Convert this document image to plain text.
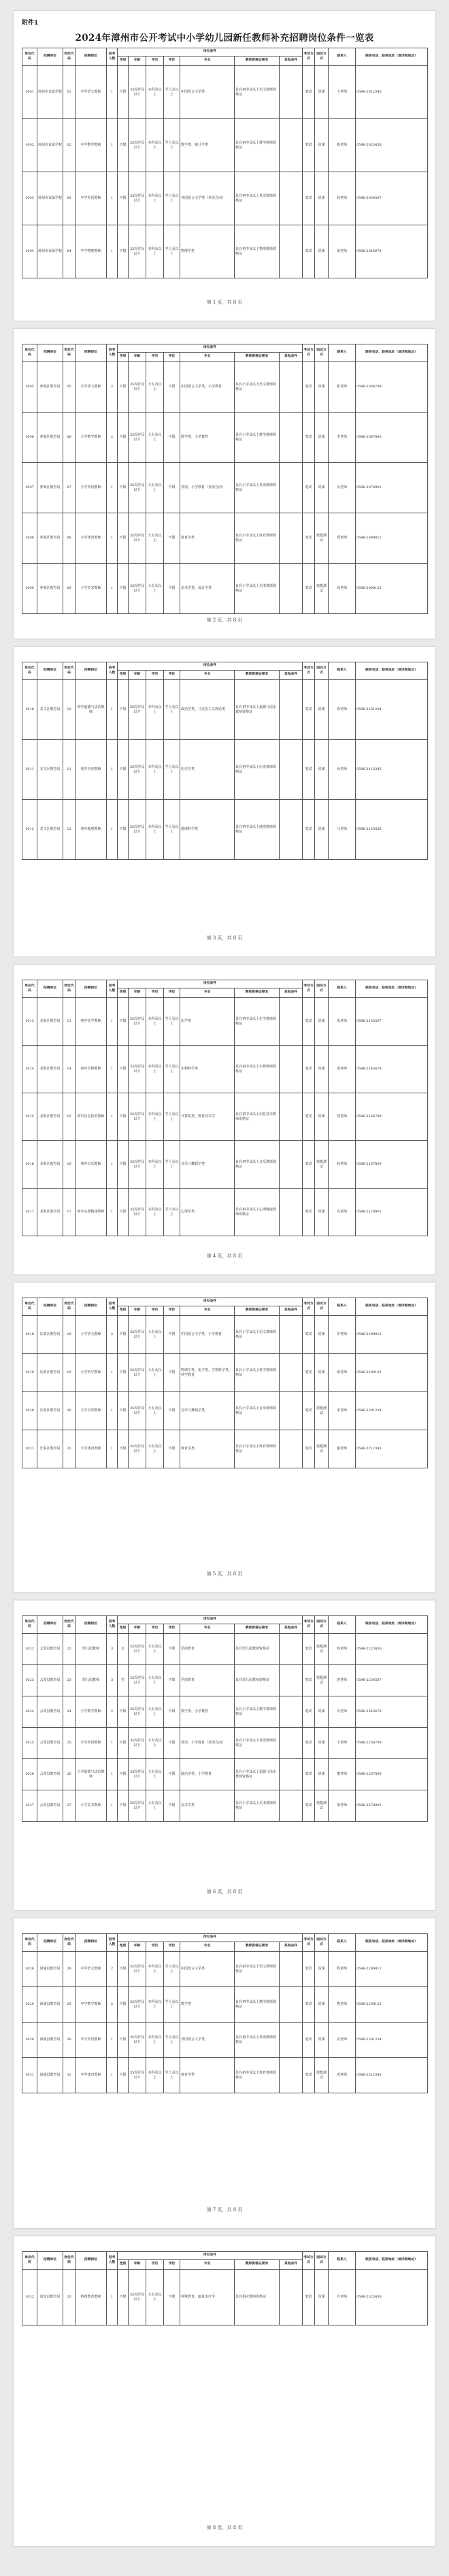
附件1
2024年漳州市公开考试中小学幼儿园新任教师补充招聘岗位条件一览表
单位代码	招聘单位	岗位代码	招聘岗位	招考人数	岗位条件							考试方式	面试方式	联系人	联系电话、联系地址（或详细地址）
					性别	年龄	学历	学位	专业	教师资格证要求	其他条件				
1001	漳州市直属学校	01	中学语文教师	1	不限	35周岁及以下	本科及以上	学士及以上	中国语言文学类	具有初中及以上语文教师资格证		笔试	说课	王老师	0596-2012345
1002	漳州市直属学校	02	中学数学教师	1	不限	35周岁及以下	本科及以上	学士及以上	数学类、统计学类	具有初中及以上数学教师资格证		笔试	说课	陈老师	0596-2023456
1003	漳州市直属学校	03	中学英语教师	1	不限	35周岁及以下	本科及以上	学士及以上	外国语言文学类（英语方向）	具有初中及以上英语教师资格证		笔试	说课	林老师	0596-2034567
1004	漳州市直属学校	04	中学物理教师	1	不限	35周岁及以下	本科及以上	学士及以上	物理学类	具有初中及以上物理教师资格证		笔试	说课	黄老师	0596-2045678
第 1 页，共 8 页
单位代码	招聘单位	岗位代码	招聘岗位	招考人数	岗位条件							考试方式	面试方式	联系人	联系电话、联系地址（或详细地址）
					性别	年龄	学历	学位	专业	教师资格证要求	其他条件				
1005	芗城区教育局	05	小学语文教师	2	不限	35周岁及以下	大专及以上	不限	中国语言文学类、小学教育	具有小学及以上语文教师资格证		笔试	说课	张老师	0596-2056789
1006	芗城区教育局	06	小学数学教师	2	不限	35周岁及以下	大专及以上	不限	数学类、小学教育	具有小学及以上数学教师资格证		笔试	说课	李老师	0596-2067890
1007	芗城区教育局	07	小学英语教师	1	不限	35周岁及以下	大专及以上	不限	英语、小学教育（英语方向）	具有小学及以上英语教师资格证		笔试	说课	吴老师	0596-2078901
1008	芗城区教育局	08	小学体育教师	1	不限	35周岁及以下	大专及以上	不限	体育学类	具有小学及以上体育教师资格证		笔试	技能测试	郑老师	0596-2089012
1009	芗城区教育局	09	小学美术教师	1	不限	35周岁及以下	大专及以上	不限	美术学类、设计学类	具有小学及以上美术教师资格证		笔试	技能测试	周老师	0596-2090123
第 2 页，共 8 页
单位代码	招聘单位	岗位代码	招聘岗位	招考人数	岗位条件							考试方式	面试方式	联系人	联系电话、联系地址（或详细地址）
					性别	年龄	学历	学位	专业	教师资格证要求	其他条件				
1010	龙文区教育局	10	初中道德与法治教师	1	不限	35周岁及以下	本科及以上	学士及以上	政治学类、马克思主义理论类	具有初中及以上道德与法治教师资格证		笔试	说课	徐老师	0596-2101234
1011	龙文区教育局	11	初中历史教师	1	不限	35周岁及以下	本科及以上	学士及以上	历史学类	具有初中及以上历史教师资格证		笔试	说课	孙老师	0596-2112345
1012	龙文区教育局	12	初中地理教师	1	不限	35周岁及以下	本科及以上	学士及以上	地理科学类	具有初中及以上地理教师资格证		笔试	说课	马老师	0596-2123456
第 3 页，共 8 页
单位代码	招聘单位	岗位代码	招聘岗位	招考人数	岗位条件							考试方式	面试方式	联系人	联系电话、联系地址（或详细地址）
					性别	年龄	学历	学位	专业	教师资格证要求	其他条件				
1013	龙海区教育局	13	初中化学教师	1	不限	35周岁及以下	本科及以上	学士及以上	化学类	具有初中及以上化学教师资格证		笔试	说课	朱老师	0596-2134567
1014	龙海区教育局	14	初中生物教师	1	不限	35周岁及以下	本科及以上	学士及以上	生物科学类	具有初中及以上生物教师资格证		笔试	说课	胡老师	0596-2145678
1015	龙海区教育局	15	初中信息技术教师	1	不限	35周岁及以下	本科及以上	学士及以上	计算机类、教育技术学	具有初中及以上信息技术教师资格证		笔试	说课	郭老师	0596-2156789
1016	龙海区教育局	16	初中音乐教师	1	不限	35周岁及以下	本科及以上	学士及以上	音乐与舞蹈学类	具有初中及以上音乐教师资格证		笔试	技能测试	何老师	0596-2167890
1017	龙海区教育局	17	初中心理健康教师	1	不限	35周岁及以下	本科及以上	学士及以上	心理学类	具有初中及以上心理健康教师资格证		笔试	说课	高老师	0596-2178901
第 4 页，共 8 页
单位代码	招聘单位	岗位代码	招聘岗位	招考人数	岗位条件							考试方式	面试方式	联系人	联系电话、联系地址（或详细地址）
					性别	年龄	学历	学位	专业	教师资格证要求	其他条件				
1018	长泰区教育局	18	小学语文教师	2	不限	35周岁及以下	大专及以上	不限	中国语言文学类、小学教育	具有小学及以上语文教师资格证		笔试	说课	罗老师	0596-2189012
1019	长泰区教育局	19	小学科学教师	1	不限	35周岁及以下	大专及以上	不限	物理学类、化学类、生物科学类、科学教育	具有小学及以上科学教师资格证		笔试	说课	梁老师	0596-2190123
1020	长泰区教育局	20	小学音乐教师	1	不限	35周岁及以下	大专及以上	不限	音乐与舞蹈学类	具有小学及以上音乐教师资格证		笔试	技能测试	宋老师	0596-2201234
1021	长泰区教育局	21	小学体育教师	1	不限	35周岁及以下	大专及以上	不限	体育学类	具有小学及以上体育教师资格证		笔试	技能测试	谢老师	0596-2212345
第 5 页，共 8 页
单位代码	招聘单位	岗位代码	招聘岗位	招考人数	岗位条件							考试方式	面试方式	联系人	联系电话、联系地址（或详细地址）
					性别	年龄	学历	学位	专业	教师资格证要求	其他条件				
1022	云霄县教育局	22	幼儿园教师	3	女	35周岁及以下	大专及以上	不限	学前教育	具有幼儿园教师资格证		笔试	技能测试	韩老师	0596-2223456
1023	云霄县教育局	23	幼儿园教师	3	男	35周岁及以下	大专及以上	不限	学前教育	具有幼儿园教师资格证		笔试	技能测试	唐老师	0596-2234567
1024	云霄县教育局	24	小学数学教师	2	不限	35周岁及以下	大专及以上	不限	数学类、小学教育	具有小学及以上数学教师资格证		笔试	说课	冯老师	0596-2245678
1025	云霄县教育局	25	小学英语教师	1	不限	35周岁及以下	大专及以上	不限	英语、小学教育（英语方向）	具有小学及以上英语教师资格证		笔试	说课	于老师	0596-2256789
1026	云霄县教育局	26	小学道德与法治教师	1	不限	35周岁及以下	大专及以上	不限	政治学类、小学教育	具有小学及以上道德与法治教师资格证		笔试	说课	董老师	0596-2267890
1027	云霄县教育局	27	小学美术教师	1	不限	35周岁及以下	大专及以上	不限	美术学类	具有小学及以上美术教师资格证		笔试	技能测试	萧老师	0596-2278901
第 6 页，共 8 页
单位代码	招聘单位	岗位代码	招聘岗位	招考人数	岗位条件							考试方式	面试方式	联系人	联系电话、联系地址（或详细地址）
					性别	年龄	学历	学位	专业	教师资格证要求	其他条件				
1028	漳浦县教育局	28	中学语文教师	2	不限	35周岁及以下	本科及以上	学士及以上	中国语言文学类	具有初中及以上语文教师资格证		笔试	说课	程老师	0596-2289012
1029	漳浦县教育局	29	中学数学教师	2	不限	35周岁及以下	本科及以上	学士及以上	数学类	具有初中及以上数学教师资格证		笔试	说课	曹老师	0596-2290123
1030	漳浦县教育局	30	中学英语教师	1	不限	35周岁及以下	本科及以上	学士及以上	外国语言文学类	具有初中及以上英语教师资格证		笔试	说课	袁老师	0596-2301234
1031	漳浦县教育局	31	中学体育教师	1	不限	35周岁及以下	本科及以上	学士及以上	体育学类	具有初中及以上体育教师资格证		笔试	技能测试	邓老师	0596-2312345
第 7 页，共 8 页
单位代码	招聘单位	岗位代码	招聘岗位	招考人数	岗位条件							考试方式	面试方式	联系人	联系电话、联系地址（或详细地址）
					性别	年龄	学历	学位	专业	教师资格证要求	其他条件				
1032	诏安县教育局	32	特殊教育教师	1	不限	35周岁及以下	大专及以上	不限	特殊教育、康复治疗学	具有相应教师资格证		笔试	说课	许老师	0596-2323456
第 8 页，共 8 页
